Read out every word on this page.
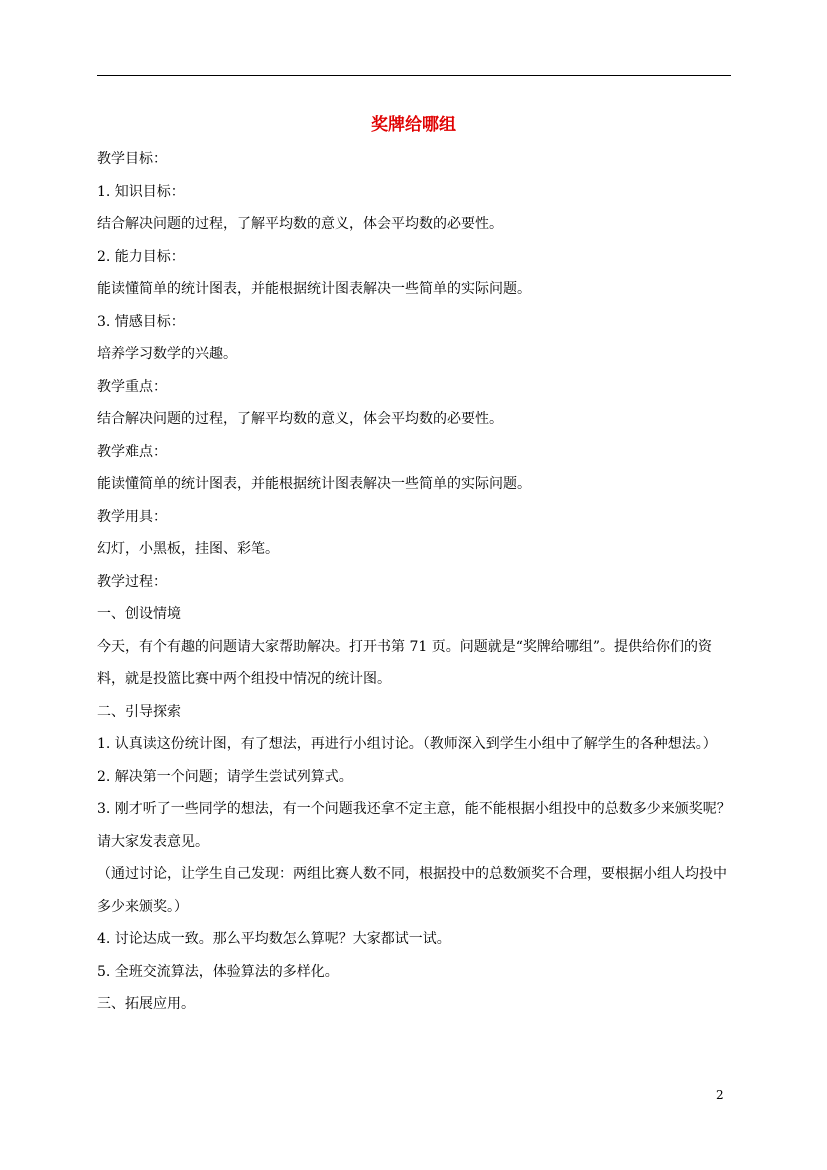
奖牌给哪组
教学目标：
1. 知识目标：
结合解决问题的过程，了解平均数的意义，体会平均数的必要性。
2. 能力目标：
能读懂简单的统计图表，并能根据统计图表解决一些简单的实际问题。
3. 情感目标：
培养学习数学的兴趣。
教学重点：
结合解决问题的过程，了解平均数的意义，体会平均数的必要性。
教学难点：
能读懂简单的统计图表，并能根据统计图表解决一些简单的实际问题。
教学用具：
幻灯，小黑板，挂图、彩笔。
教学过程：
一、创设情境

今天，有个有趣的问题请大家帮助解决。打开书第 71 页。问题就是“奖牌给哪组”。提供给你们的资料，就是投篮比赛中两个组投中情况的统计图。

二、引导探索

1. 认真读这份统计图，有了想法，再进行小组讨论。（教师深入到学生小组中了解学生的各种想法。）

2. 解决第一个问题；请学生尝试列算式。

3. 刚才听了一些同学的想法，有一个问题我还拿不定主意，能不能根据小组投中的总数多少来颁奖呢？请大家发表意见。

（通过讨论，让学生自己发现：两组比赛人数不同，根据投中的总数颁奖不合理，要根据小组人均投中多少来颁奖。）

4. 讨论达成一致。那么平均数怎么算呢？大家都试一试。
5. 全班交流算法，体验算法的多样化。
三、拓展应用。
2
